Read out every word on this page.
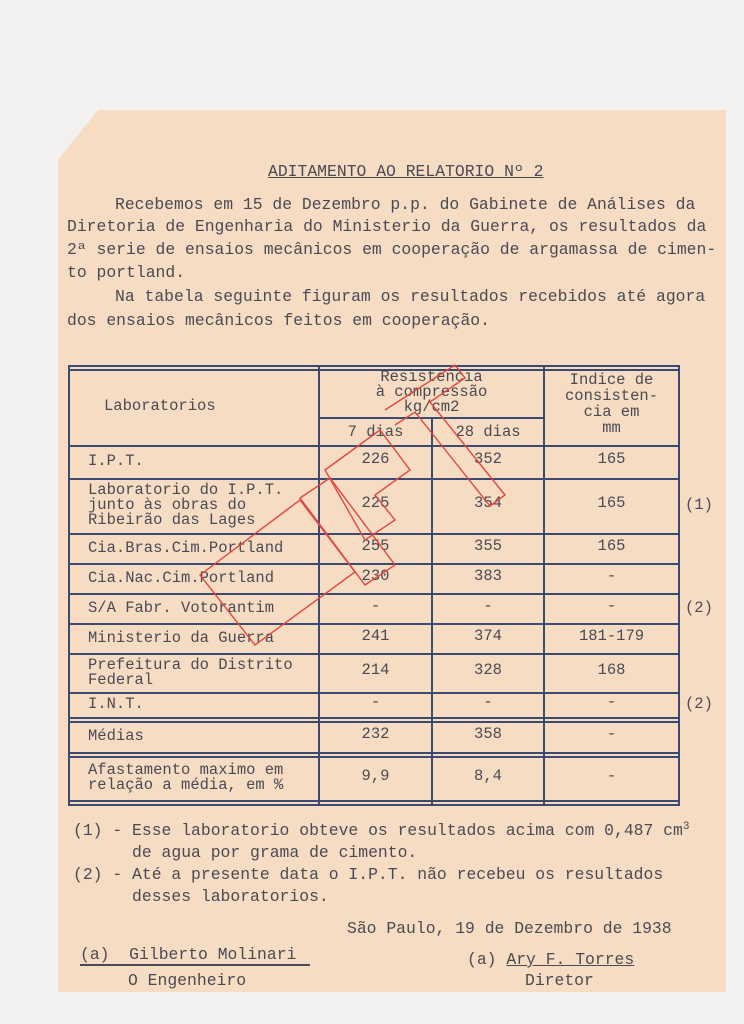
ADITAMENTO AO RELATORIO Nº 2
Recebemos em 15 de Dezembro p.p. do Gabinete de Análises da
Diretoria de Engenharia do Ministerio da Guerra, os resultados da
2ª serie de ensaios mecânicos em cooperação de argamassa de cimen-
to portland.
Na tabela seguinte figuram os resultados recebidos até agora
dos ensaios mecânicos feitos em cooperação.
Laboratorios
Resistencia
à compressão
kg/cm2
7 dias	28 dias
Indice de
consisten-
cia em
mm
I.P.T.	226	352	165
Laboratorio do I.P.T.
junto às obras do
Ribeirão das Lages
225	354	165	(1)
Cia.Bras.Cim.Portland	255	355	165
Cia.Nac.Cim.Portland	230	383	-
S/A Fabr. Votorantim	-	-	-	(2)
Ministerio da Guerra	241	374	181-179
Prefeitura do Distrito
Federal
214	328	168
I.N.T.	-	-	-	(2)
Médias	232	358	-
Afastamento maximo em
relação a média, em %
9,9	8,4	-
(1) - Esse laboratorio obteve os resultados acima com 0,487 $cm^3$
de agua por grama de cimento.
(2) - Até a presente data o I.P.T. não recebeu os resultados
desses laboratorios.
São Paulo, 19 de Dezembro de 1938
(a)  Gilberto Molinari
O Engenheiro
(a) Ary F. Torres
Diretor
